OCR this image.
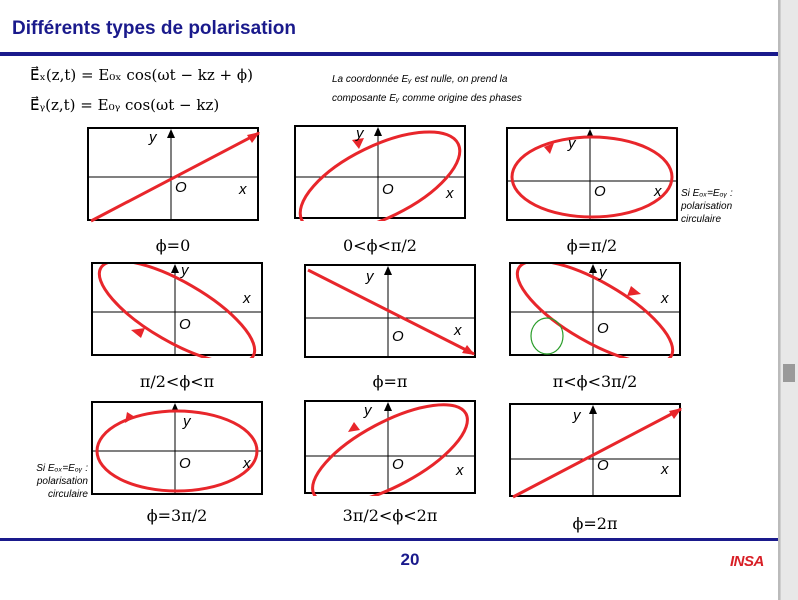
Différents types de polarisation
E⃗ₓ(z,t) = E₀ₓ cos(ωt − kz + ϕ)
E⃗ᵧ(z,t) = E₀ᵧ cos(ωt − kz)
La coordonnée Eᵧ est nulle, on prend la
composante Eᵧ comme origine des phases
y
x
O
ϕ=0
y
x
O
0<ϕ<π/2
y
x
O
ϕ=π/2
Si Eₒₓ=Eₒᵧ :
polarisation
circulaire
y
x
O
π/2<ϕ<π
y
x
O
ϕ=π
y
x
O
π<ϕ<3π/2
y
x
O
ϕ=3π/2
Si Eₒₓ=Eₒᵧ :
polarisation
circulaire
y
x
O
3π/2<ϕ<2π
y
x
O
ϕ=2π
20	INSA
